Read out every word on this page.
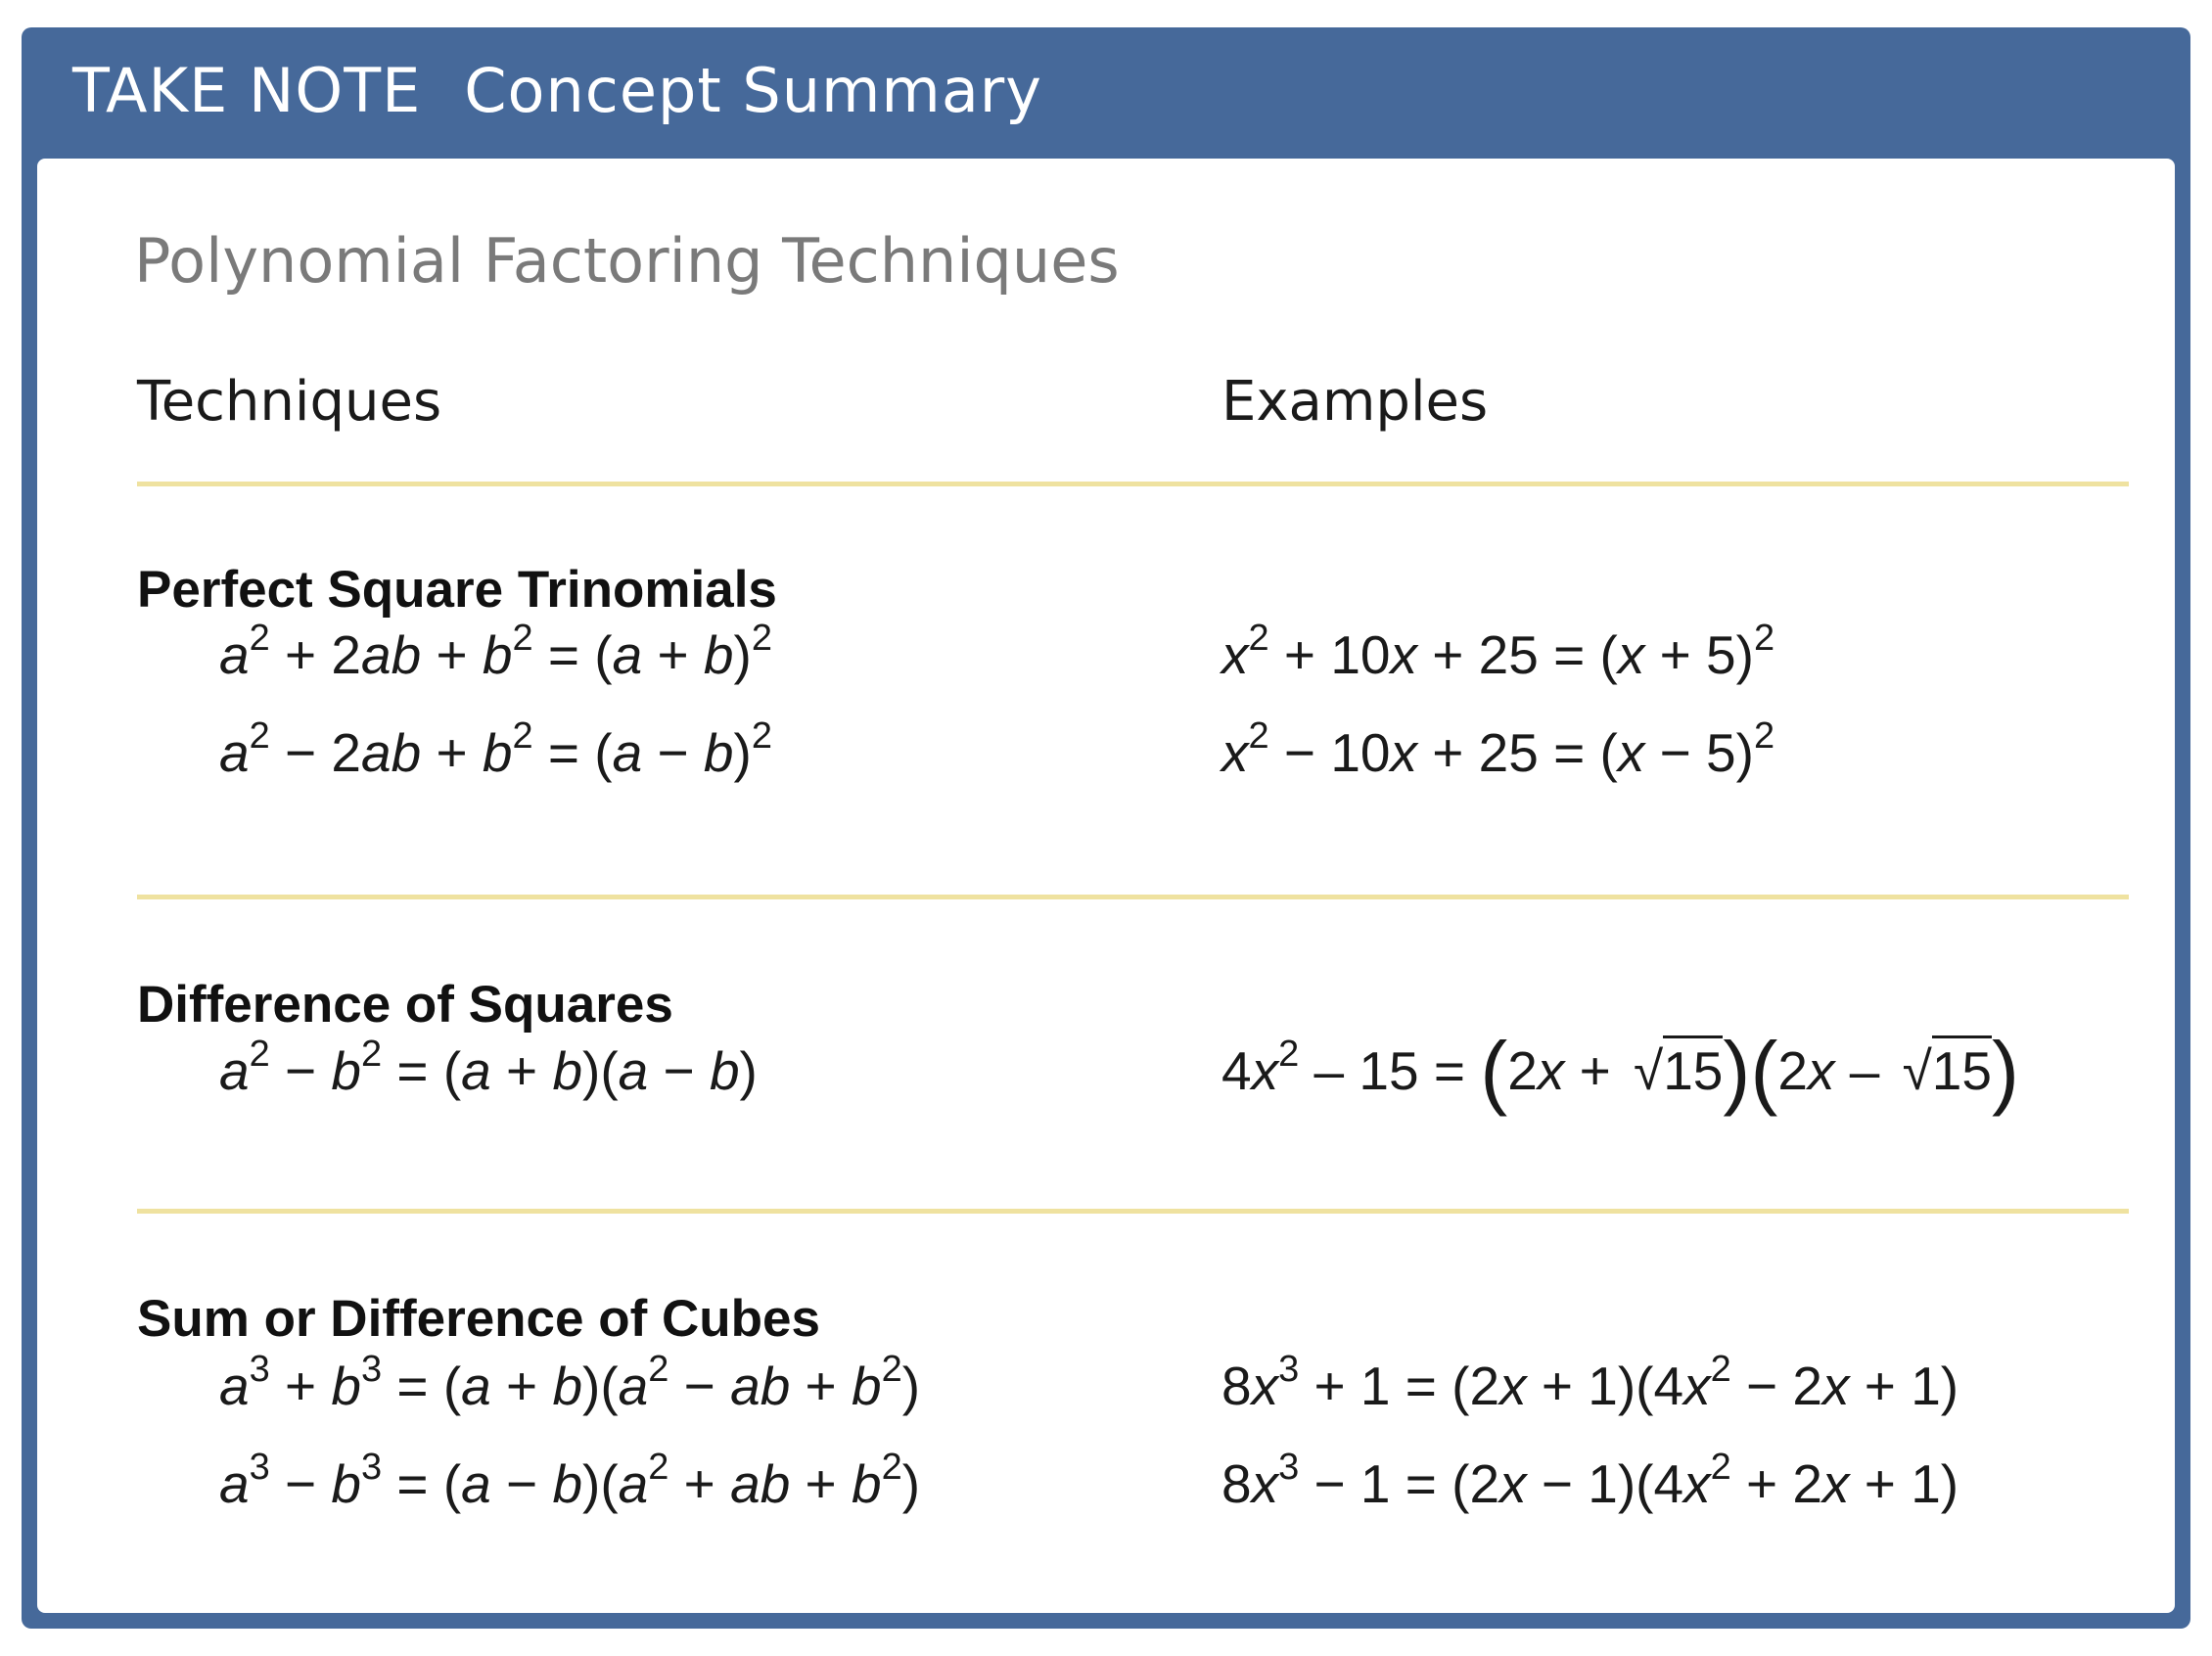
TAKE NOTE Concept Summary
Polynomial Factoring Techniques
Techniques	Examples
Perfect Square Trinomials
$a^2 + 2ab + b^2 = (a + b)^2$
$a^2 - 2ab + b^2 = (a - b)^2$
$x^2 + 10x + 25 = (x + 5)^2$
$x^2 - 10x + 25 = (x - 5)^2$
Difference of Squares
$a^2 - b^2 = (a + b)(a - b)$	$4x^2 - 15 = (2x + √15)(2x - √15)$
Sum or Difference of Cubes
$a^3 + b^3 = (a + b)(a^2$ − ab + $b^2$)
$a^3 - b^3 = (a - b)(a^2$ + ab + $b^2$)
$8x^3 + 1 = (2x + 1)(4x^2 - 2x + 1)$
$8x^3 - 1 = (2x - 1)(4x^2 + 2x + 1)$
